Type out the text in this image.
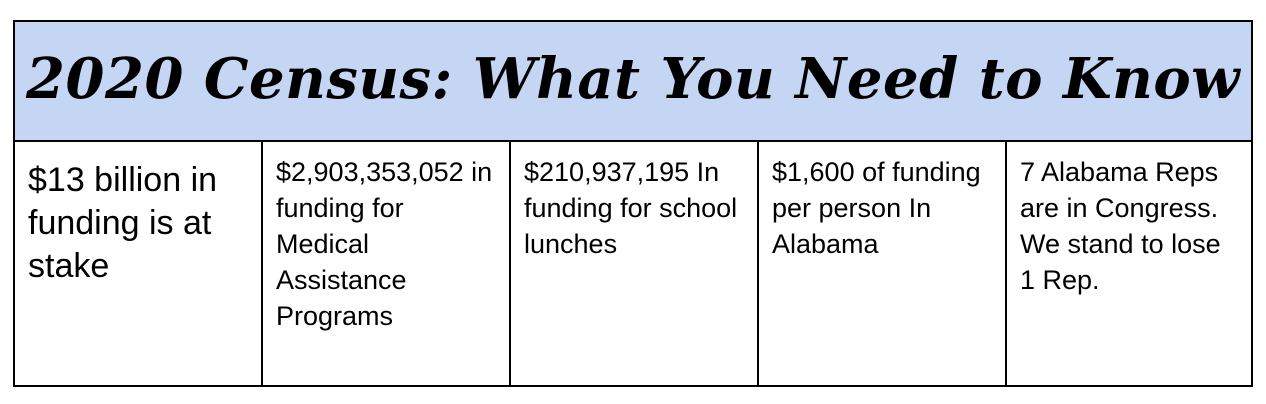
2020 Census: What You Need to Know
$13 billion in funding is at stake
$2,903,353,052 in funding for Medical Assistance Programs
$210,937,195 In funding for school lunches
$1,600 of funding per person In Alabama
7 Alabama Reps are in Congress. We stand to lose 1 Rep.
